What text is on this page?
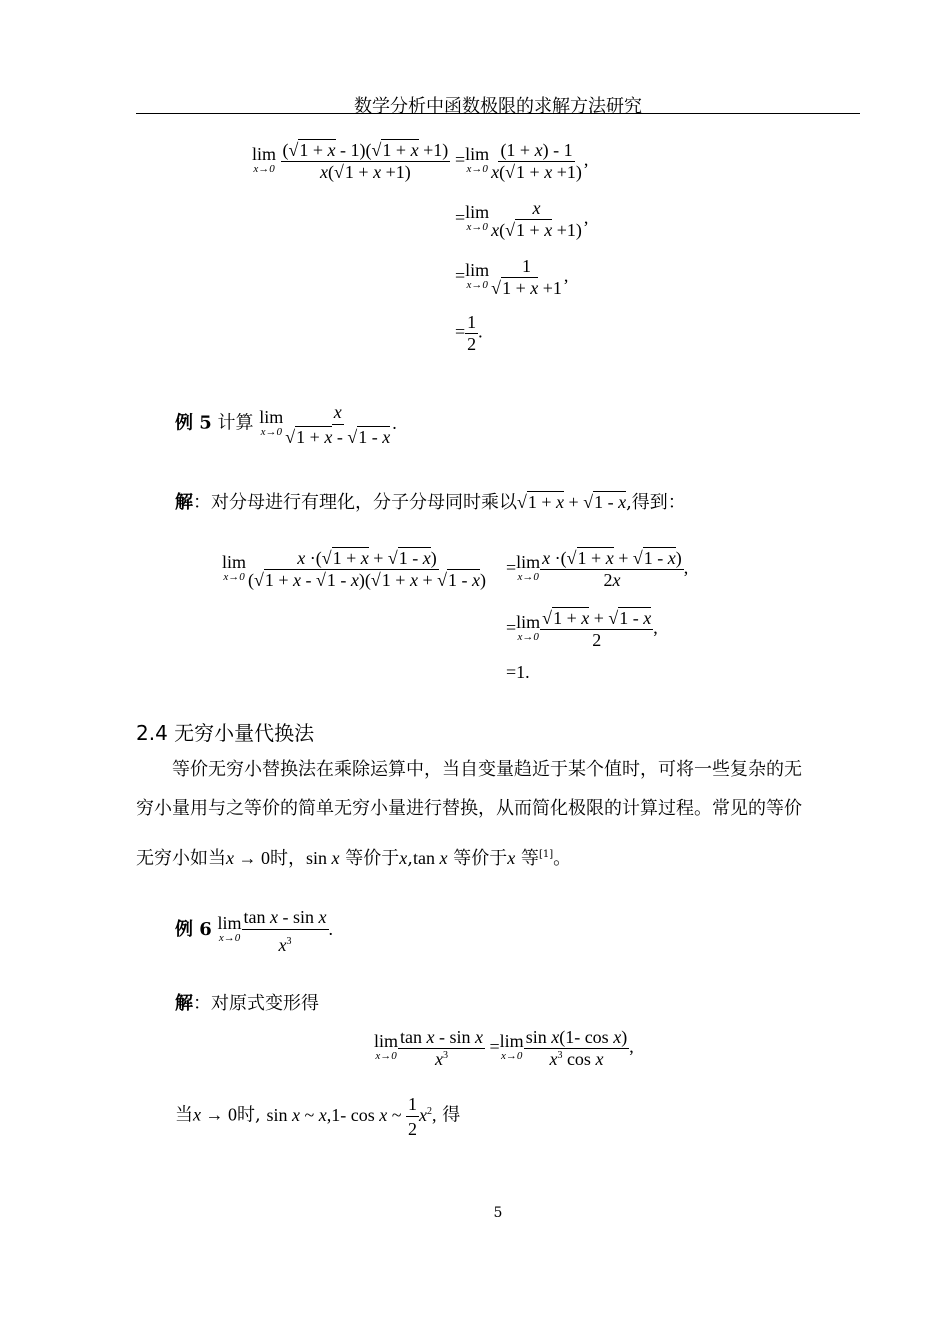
数学分析中函数极限的求解方法研究
lim
x→0
$\frac{(√1 + x - 1)(√1 + x +1)}{x(√1 + x +1)} = \lim$
$x\to 0 \frac{(1 + x) - 1}{x(√1 + x +1)}$ ,
= lim
$x\to 0 \frac{x}{x(√1 + x +1)}$ ,
= lim
$x\to 0 \frac{1}{√1 + x +1}$ ,
= $\frac{1}{2}$ .
例 5 计算 lim
$x\to 0 \frac{x}{√1 + x - √1 - x}$ .
解：对分母进行有理化，分子分母同时乘以√1 + x + √1 - x,得到：
lim
$x\to 0 \frac{x \cdot(√1 + x + √1 - x)}{(√1 + x - √1 - x)(√1 + x + √1 - x)} = \lim$
$x\to 0 \frac{x \cdot(√1 + x + √1 - x)}{2x}$ ,
= lim
$x\to 0 \frac{√1 + x + √1 - x}{2}$ ,
=1.
2.4 无穷小量代换法
等价无穷小替换法在乘除运算中，当自变量趋近于某个值时，可将一些复杂的无
穷小量用与之等价的简单无穷小量进行替换，从而简化极限的计算过程。常见的等价
无穷小如当x → 0时，sin x 等价于x,tan x 等价于x 等[1]。
例 6 lim
$x\to 0 \frac{\text{tan x - sin x}}{x^3}$ .
解：对原式变形得
lim
$x\to 0 \frac{\text{tan x - sin x}}{x^3} = \lim$
$x\to 0 \frac{\text{sin x(1- cos x)}}{x^3 \cos x}$ ,
当x → 0时, sin x ~ x,1- cos x ~ $\frac{1}{2} x^2$, 得
5
